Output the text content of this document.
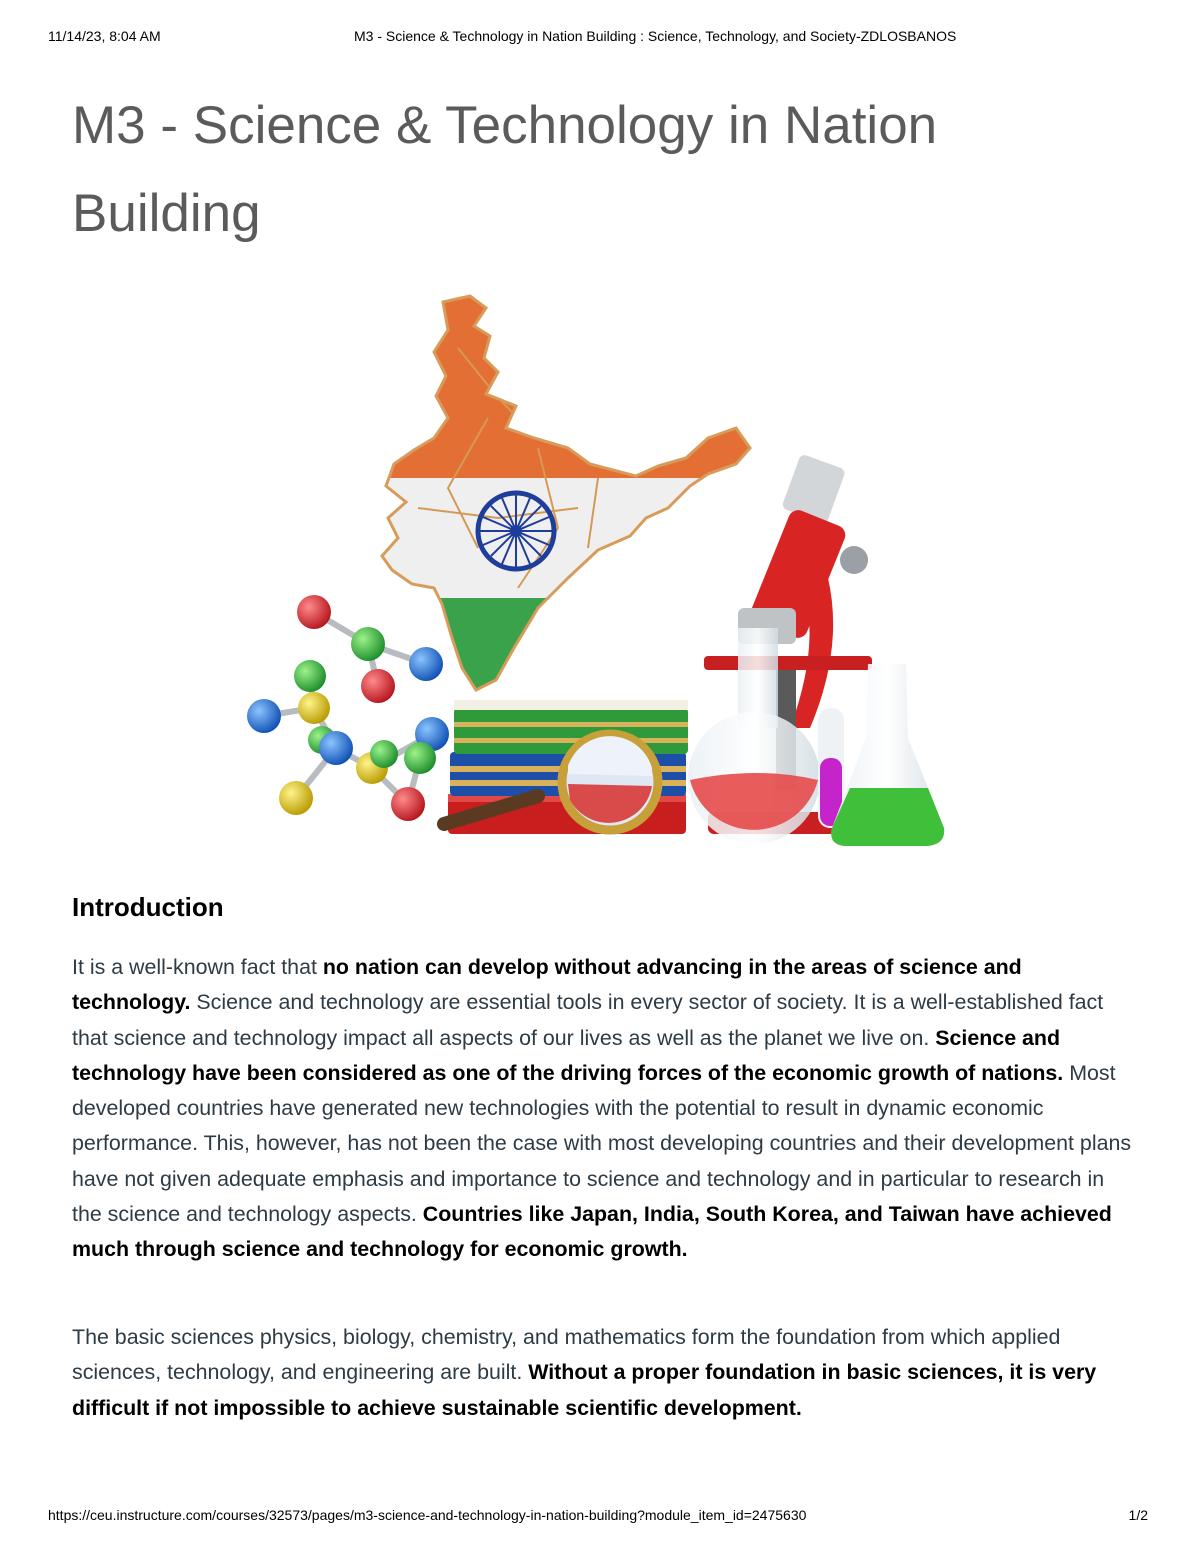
11/14/23, 8:04 AM	M3 - Science & Technology in Nation Building : Science, Technology, and Society-ZDLOSBANOS
M3 - Science & Technology in Nation Building
Introduction

It is a well-known fact that no nation can develop without advancing in the areas of science and technology. Science and technology are essential tools in every sector of society. It is a well-established fact that science and technology impact all aspects of our lives as well as the planet we live on. Science and technology have been considered as one of the driving forces of the economic growth of nations. Most developed countries have generated new technologies with the potential to result in dynamic economic performance. This, however, has not been the case with most developing countries and their development plans have not given adequate emphasis and importance to science and technology and in particular to research in the science and technology aspects. Countries like Japan, India, South Korea, and Taiwan have achieved much through science and technology for economic growth.

The basic sciences physics, biology, chemistry, and mathematics form the foundation from which applied sciences, technology, and engineering are built. Without a proper foundation in basic sciences, it is very difficult if not impossible to achieve sustainable scientific development.

https://ceu.instructure.com/courses/32573/pages/m3-science-and-technology-in-nation-building?module_item_id=2475630	1/2
